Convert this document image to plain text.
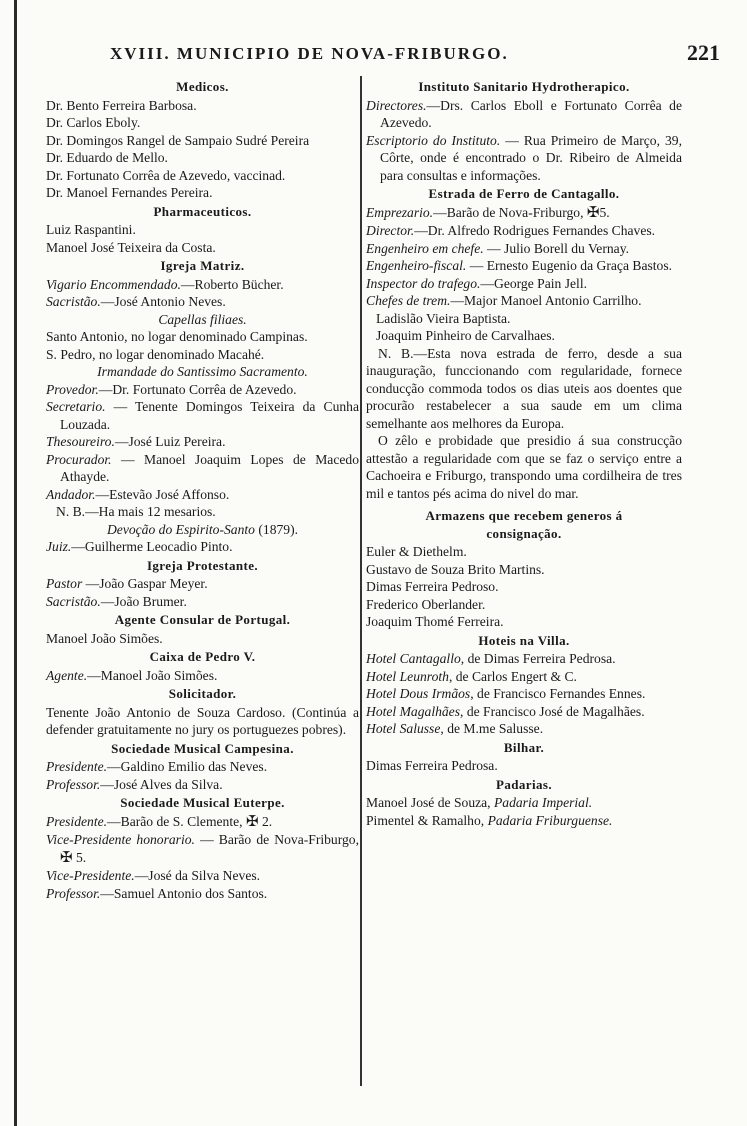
XVIII. MUNICIPIO DE NOVA-FRIBURGO.	221
Medicos.

Dr. Bento Ferreira Barbosa.

Dr. Carlos Eboly.

Dr. Domingos Rangel de Sampaio Sudré Pereira

Dr. Eduardo de Mello.

Dr. Fortunato Corrêa de Azevedo, vaccinad.

Dr. Manoel Fernandes Pereira.

Pharmaceuticos.

Luiz Raspantini.

Manoel José Teixeira da Costa.

Igreja Matriz.

Vigario Encommendado.—Roberto Bücher.

Sacristão.—José Antonio Neves.

Capellas filiaes.

Santo Antonio, no logar denominado Campinas.

S. Pedro, no logar denominado Macahé.

Irmandade do Santissimo Sacramento.

Provedor.—Dr. Fortunato Corrêa de Azevedo.

Secretario. — Tenente Domingos Teixeira da Cunha Louzada.

Thesoureiro.—José Luiz Pereira.

Procurador. — Manoel Joaquim Lopes de Macedo Athayde.

Andador.—Estevão José Affonso.

N. B.—Ha mais 12 mesarios.

Devoção do Espirito-Santo (1879).

Juiz.—Guilherme Leocadio Pinto.

Igreja Protestante.

Pastor —João Gaspar Meyer.

Sacristão.—João Brumer.

Agente Consular de Portugal.

Manoel João Simões.

Caixa de Pedro V.

Agente.—Manoel João Simões.

Solicitador.

Tenente João Antonio de Souza Cardoso. (Continúa a defender gratuitamente no jury os portuguezes pobres).

Sociedade Musical Campesina.

Presidente.—Galdino Emilio das Neves.

Professor.—José Alves da Silva.

Sociedade Musical Euterpe.

Presidente.—Barão de S. Clemente, ✠ 2.

Vice-Presidente honorario. — Barão de Nova-Friburgo, ✠ 5.

Vice-Presidente.—José da Silva Neves.

Professor.—Samuel Antonio dos Santos.

Instituto Sanitario Hydrotherapico.

Directores.—Drs. Carlos Eboll e Fortunato Corrêa de Azevedo.

Escriptorio do Instituto. — Rua Primeiro de Março, 39, Côrte, onde é encontrado o Dr. Ribeiro de Almeida para consultas e informações.

Estrada de Ferro de Cantagallo.

Emprezario.—Barão de Nova-Friburgo, ✠5.

Director.—Dr. Alfredo Rodrigues Fernandes Chaves.

Engenheiro em chefe. — Julio Borell du Vernay.

Engenheiro-fiscal. — Ernesto Eugenio da Graça Bastos.

Inspector do trafego.—George Pain Jell.

Chefes de trem.—Major Manoel Antonio Carrilho.

Ladislão Vieira Baptista.

Joaquim Pinheiro de Carvalhaes.

N. B.—Esta nova estrada de ferro, desde a sua inauguração, funccionando com regularidade, fornece conducção commoda todos os dias uteis aos doentes que procurão restabelecer a sua saude em um clima semelhante aos melhores da Europa.

O zêlo e probidade que presidio á sua construcção attestão a regularidade com que se faz o serviço entre a Cachoeira e Friburgo, transpondo uma cordilheira de tres mil e tantos pés acima do nivel do mar.

Armazens que recebem generos á
consignação.

Euler & Diethelm.

Gustavo de Souza Brito Martins.

Dimas Ferreira Pedroso.

Frederico Oberlander.

Joaquim Thomé Ferreira.

Hoteis na Villa.

Hotel Cantagallo, de Dimas Ferreira Pedrosa.

Hotel Leunroth, de Carlos Engert & C.

Hotel Dous Irmãos, de Francisco Fernandes Ennes.

Hotel Magalhães, de Francisco José de Magalhães.

Hotel Salusse, de M.me Salusse.

Bilhar.

Dimas Ferreira Pedrosa.

Padarias.

Manoel José de Souza, Padaria Imperial.

Pimentel & Ramalho, Padaria Friburguense.
